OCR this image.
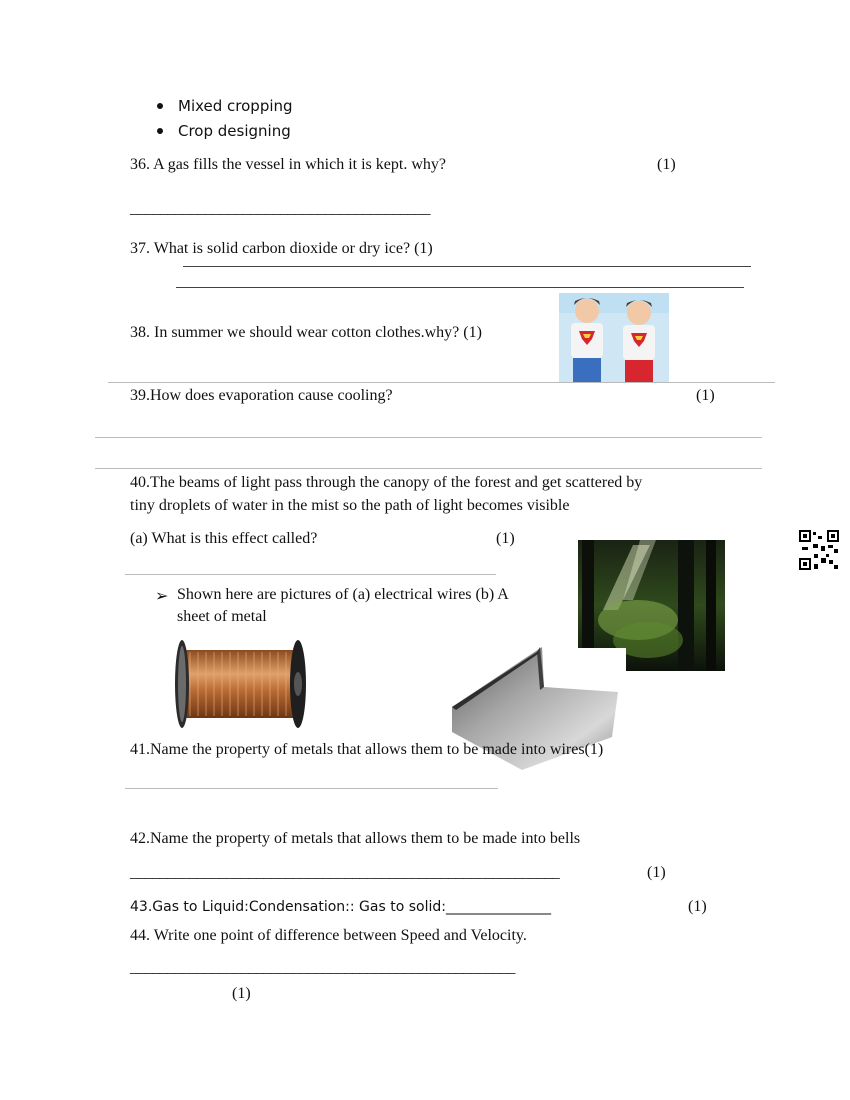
Mixed cropping
Crop designing
36. A gas fills the vessel in which it is kept. why?	(1)
________________________________________
37. What is solid carbon dioxide or dry ice? (1)
38. In summer we should wear cotton clothes.why? (1)
39.How does evaporation cause cooling?	(1)
40.The beams of light pass through the canopy of the forest and get scattered by
tiny droplets of water in the mist so the path of light becomes visible
(a) What is this effect called?	(1)
➢ Shown here are pictures of (a) electrical wires (b) A
sheet of metal
41.Name the property of metals that allows them to be made into wires(1)
42.Name the property of metals that allows them to be made into bells
__________________________________________________________	(1)
43.Gas to Liquid:Condensation:: Gas to solid:_______________	(1)
44. Write one point of difference between Speed and Velocity.
____________________________________________________
(1)
